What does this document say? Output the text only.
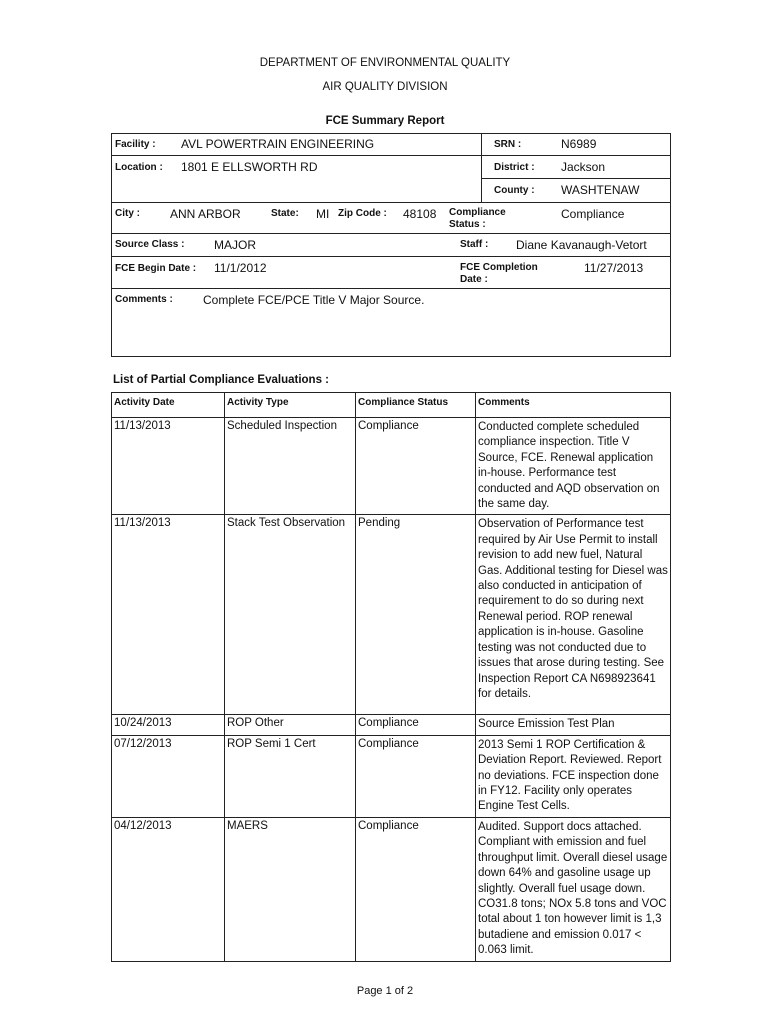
DEPARTMENT OF ENVIRONMENTAL QUALITY
AIR QUALITY DIVISION
FCE Summary Report
Facility : AVL POWERTRAIN ENGINEERING	SRN :	N6989
Location : 1801 E ELLSWORTH RD	District : Jackson
County : WASHTENAW
City :	ANN ARBOR	State: MI Zip Code : 48108 Compliance Status :
Compliance
Source Class : MAJOR	Staff : Diane Kavanaugh-Vetort
FCE Begin Date : 11/1/2012	FCE Completion Date :
11/27/2013
Comments :	Complete FCE/PCE Title V Major Source.
List of Partial Compliance Evaluations :
Activity Date	Activity Type	Compliance Status	Comments
11/13/2013	Scheduled Inspection	Compliance	Conducted complete scheduled compliance inspection. Title V Source, FCE. Renewal application in-house. Performance test conducted and AQD observation on the same day.
11/13/2013	Stack Test Observation	Pending	Observation of Performance test required by Air Use Permit to install revision to add new fuel, Natural Gas. Additional testing for Diesel was also conducted in anticipation of requirement to do so during next Renewal period. ROP renewal application is in-house. Gasoline testing was not conducted due to issues that arose during testing. See Inspection Report CA N698923641 for details.
10/24/2013	ROP Other	Compliance	Source Emission Test Plan
07/12/2013	ROP Semi 1 Cert	Compliance	2013 Semi 1 ROP Certification & Deviation Report. Reviewed. Report no deviations. FCE inspection done in FY12. Facility only operates Engine Test Cells.
04/12/2013	MAERS	Compliance	Audited. Support docs attached. Compliant with emission and fuel throughput limit. Overall diesel usage down 64% and gasoline usage up slightly. Overall fuel usage down. CO31.8 tons; NOx 5.8 tons and VOC total about 1 ton however limit is 1,3 butadiene and emission 0.017 < 0.063 limit.
Page 1 of 2
